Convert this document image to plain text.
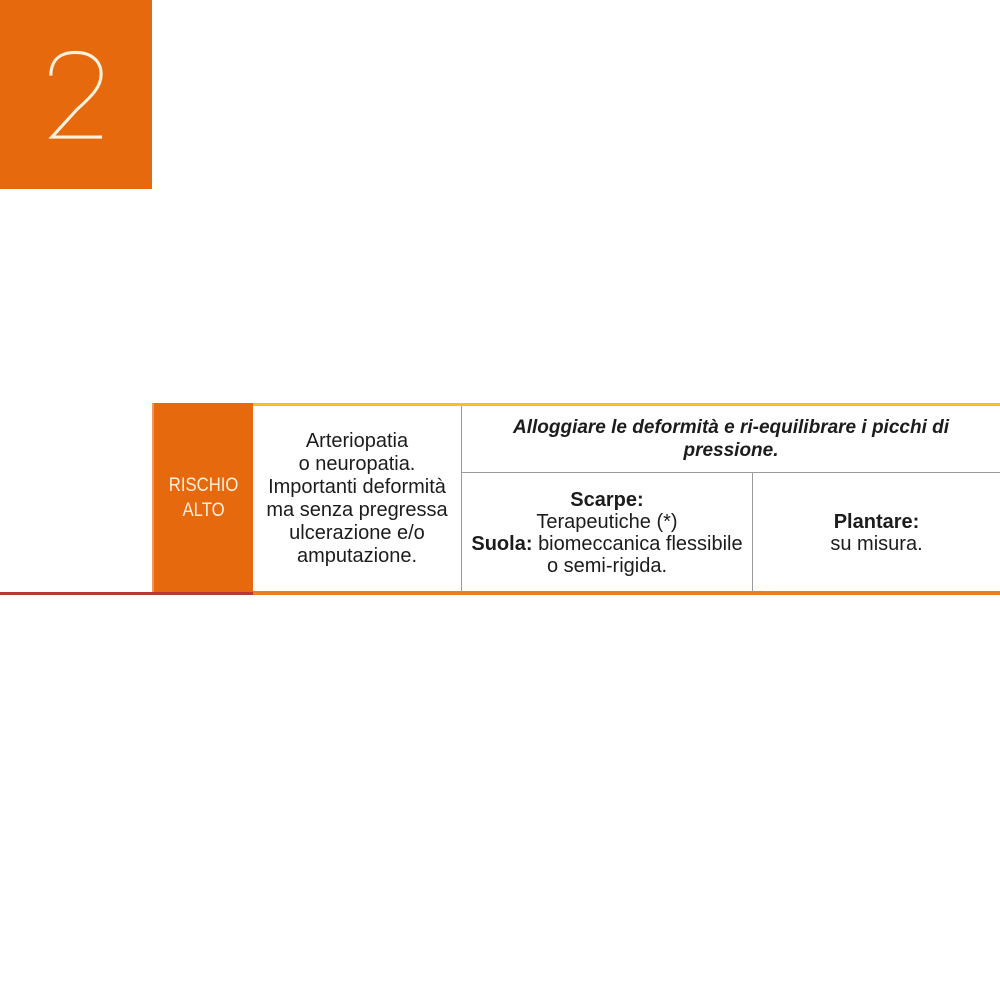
RISCHIO
ALTO
Arteriopatia
o neuropatia.
Importanti deformità
ma senza pregressa
ulcerazione e/o
amputazione.
Alloggiare le deformità e ri-equilibrare i picchi di pressione.
Scarpe:
Terapeutiche (*)
Suola: biomeccanica flessibile
o semi-rigida.
Plantare:
su misura.
